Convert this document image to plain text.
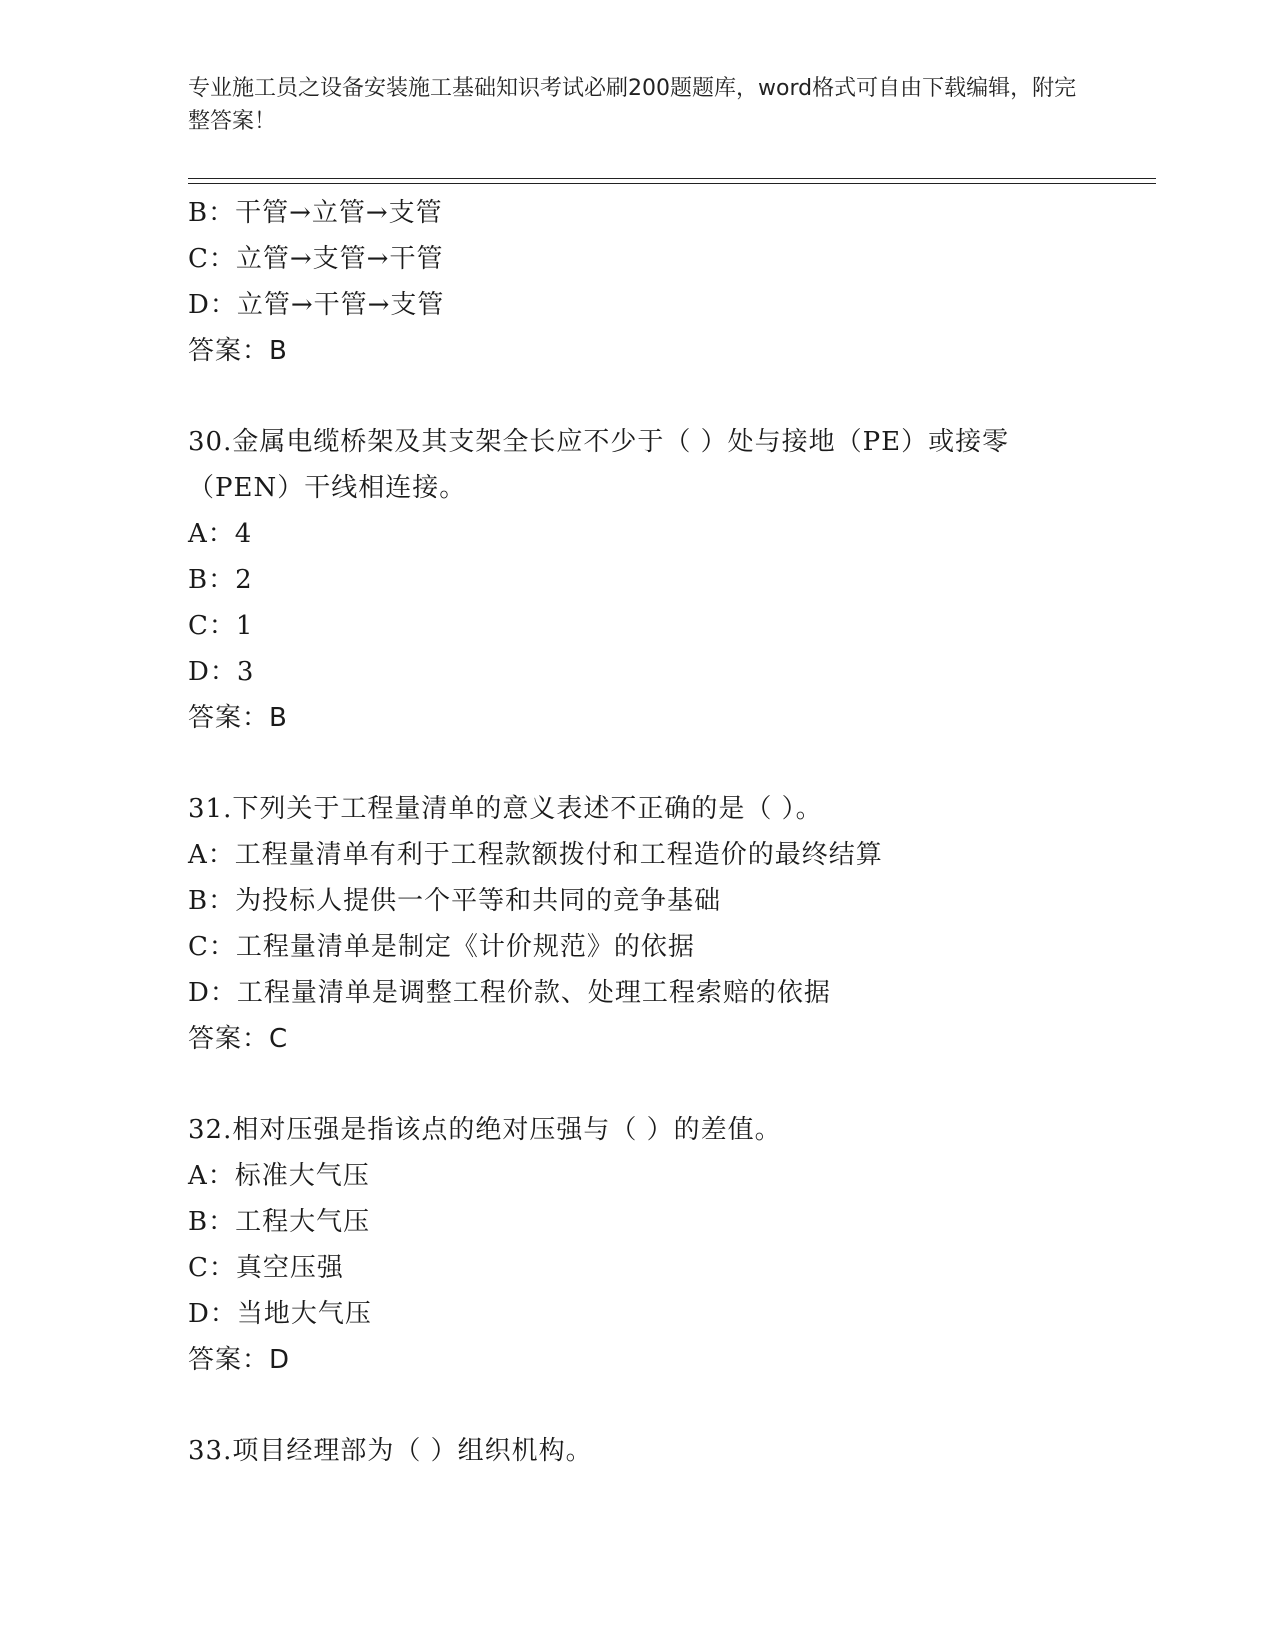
专业施工员之设备安装施工基础知识考试必刷200题题库，word格式可自由下载编辑，附完整答案！
B：干管→立管→支管
C：立管→支管→干管
D：立管→干管→支管
答案：B
30.金属电缆桥架及其支架全长应不少于（ ）处与接地（PE）或接零（PEN）干线相连接。
A：4
B：2
C：1
D：3
答案：B
31.下列关于工程量清单的意义表述不正确的是（ ）。
A：工程量清单有利于工程款额拨付和工程造价的最终结算
B：为投标人提供一个平等和共同的竞争基础
C：工程量清单是制定《计价规范》的依据
D：工程量清单是调整工程价款、处理工程索赔的依据
答案：C
32.相对压强是指该点的绝对压强与（ ）的差值。
A：标准大气压
B：工程大气压
C：真空压强
D：当地大气压
答案：D
33.项目经理部为（ ）组织机构。
